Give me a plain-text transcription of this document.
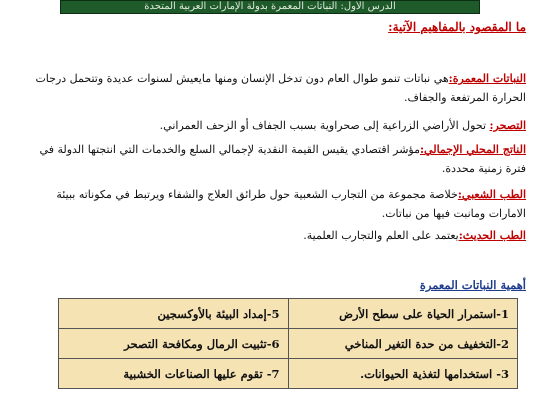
الدرس الأول: النباتات المعمرة بدولة الإمارات العربية المتحدة
ما المقصود بالمفاهيم الآتية:
النباتات المعمرة:هي نباتات تنمو طوال العام دون تدخل الإنسان ومنها مايعيش لسنوات عديدة وتتحمل درجات الحرارة المرتفعة والجفاف.
التصحر: تحول الأراضي الزراعية إلى صحراوية بسبب الجفاف أو الزحف العمراني.
الناتج المحلي الإجمالي:مؤشر اقتصادي يقيس القيمة النقدية لإجمالي السلع والخدمات التي انتجتها الدولة في فترة زمنية محددة.
الطب الشعبي:خلاصة مجموعة من التجارب الشعبية حول طرائق العلاج والشفاء ويرتبط في مكوناته ببيئة الامارات ومانبت فيها من نباتات.
الطب الحديث:يعتمد على العلم والتجارب العلمية.
أهمية النباتات المعمرة
1-استمرار الحياة على سطح الأرض	5-إمداد البيئة بالأوكسجين
2-التخفيف من حدة التغير المناخي	6-تثبيت الرمال ومكافحة التصحر
3- استخدامها لتغذية الحيوانات.	7- تقوم عليها الصناعات الخشبية
